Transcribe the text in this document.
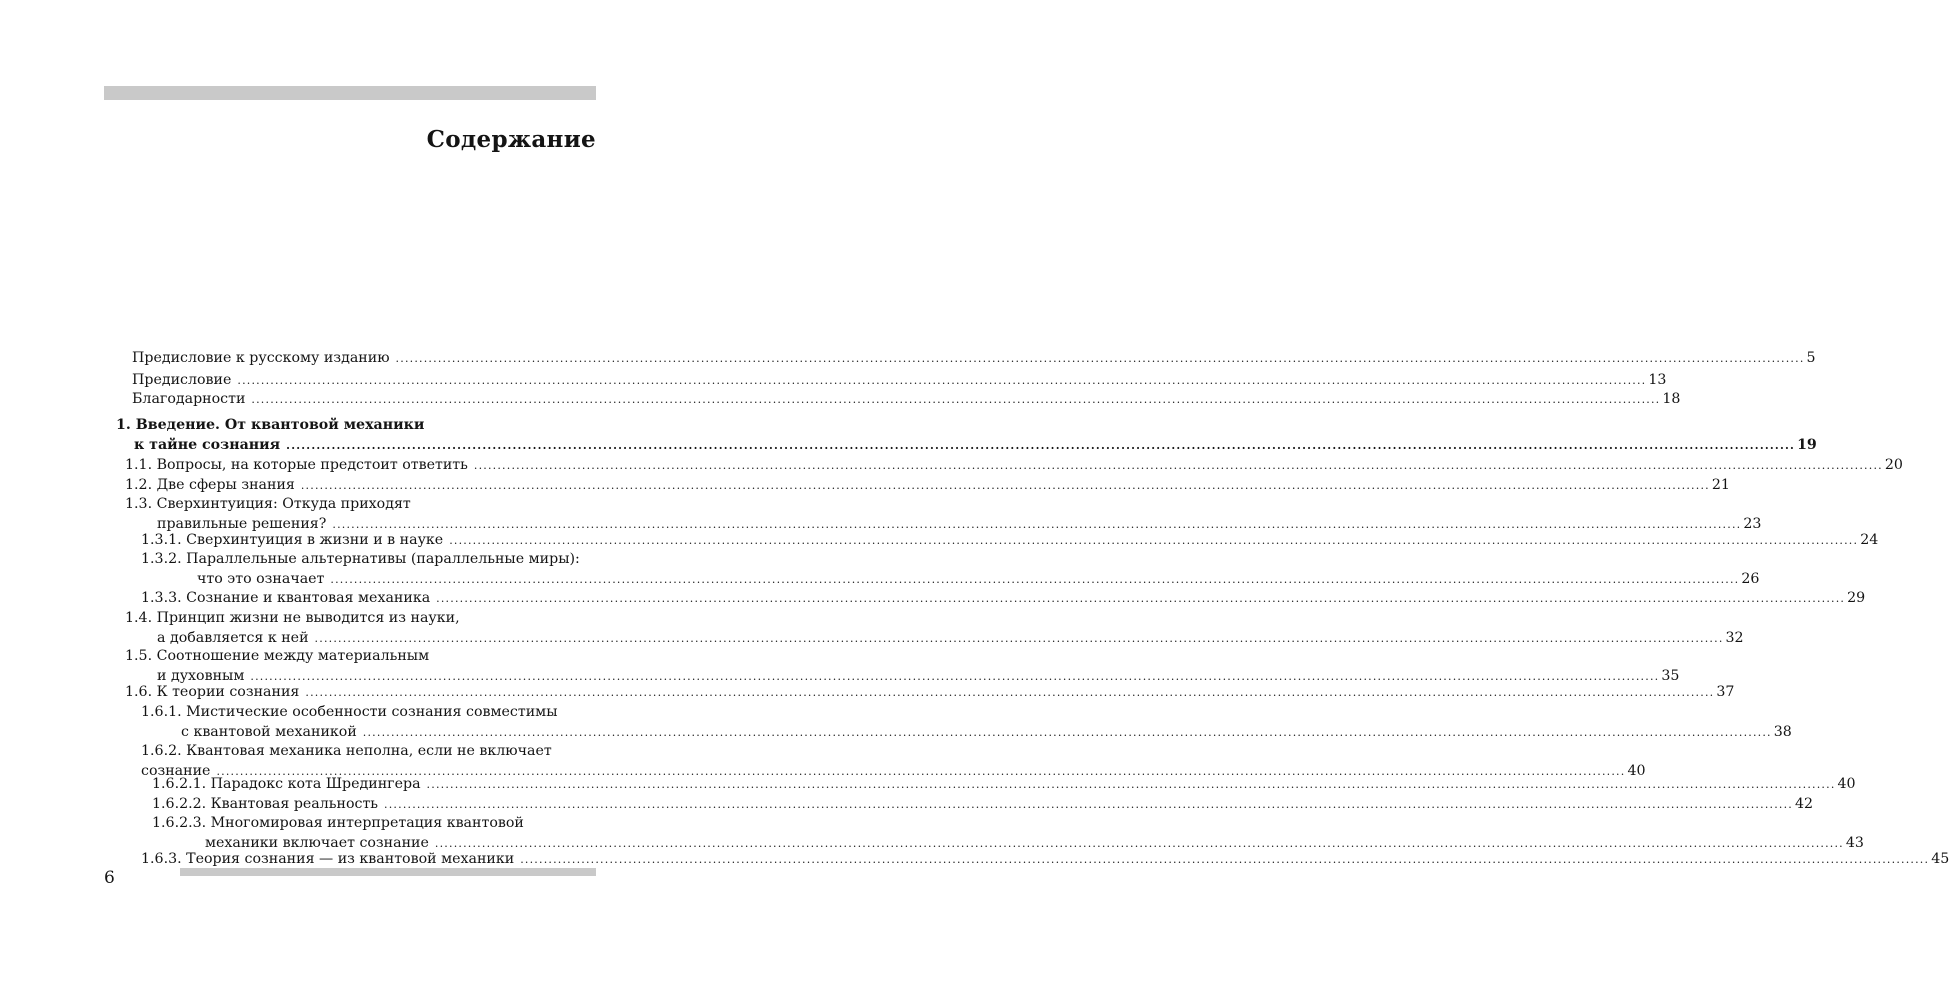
Содержание
Предисловие к русскому изданию ............................................................................................................................................................................................................................................................................................................ 5
Предисловие ............................................................................................................................................................................................................................................................................................................ 13
Благодарности ............................................................................................................................................................................................................................................................................................................ 18
1. Введение. От квантовой механики
к тайне сознания ............................................................................................................................................................................................................................................................................................................ 19
1.1. Вопросы, на которые предстоит ответить ............................................................................................................................................................................................................................................................................................................ 20
1.2. Две сферы знания ............................................................................................................................................................................................................................................................................................................ 21
1.3. Сверхинтуиция: Откуда приходят
правильные решения? ............................................................................................................................................................................................................................................................................................................ 23
1.3.1. Сверхинтуиция в жизни и в науке ............................................................................................................................................................................................................................................................................................................ 24
1.3.2. Параллельные альтернативы (параллельные миры):
что это означает ............................................................................................................................................................................................................................................................................................................ 26
1.3.3. Сознание и квантовая механика ............................................................................................................................................................................................................................................................................................................ 29
1.4. Принцип жизни не выводится из науки,
а добавляется к ней ............................................................................................................................................................................................................................................................................................................ 32
1.5. Соотношение между материальным
и духовным ............................................................................................................................................................................................................................................................................................................ 35
1.6. К теории сознания ............................................................................................................................................................................................................................................................................................................ 37
1.6.1. Мистические особенности сознания совместимы
с квантовой механикой ............................................................................................................................................................................................................................................................................................................ 38
1.6.2. Квантовая механика неполна, если не включает
сознание ............................................................................................................................................................................................................................................................................................................ 40
1.6.2.1. Парадокс кота Шредингера ............................................................................................................................................................................................................................................................................................................ 40
1.6.2.2. Квантовая реальность ............................................................................................................................................................................................................................................................................................................ 42
1.6.2.3. Многомировая интерпретация квантовой
механики включает сознание ............................................................................................................................................................................................................................................................................................................ 43
1.6.3. Теория сознания — из квантовой механики ............................................................................................................................................................................................................................................................................................................ 45
6
